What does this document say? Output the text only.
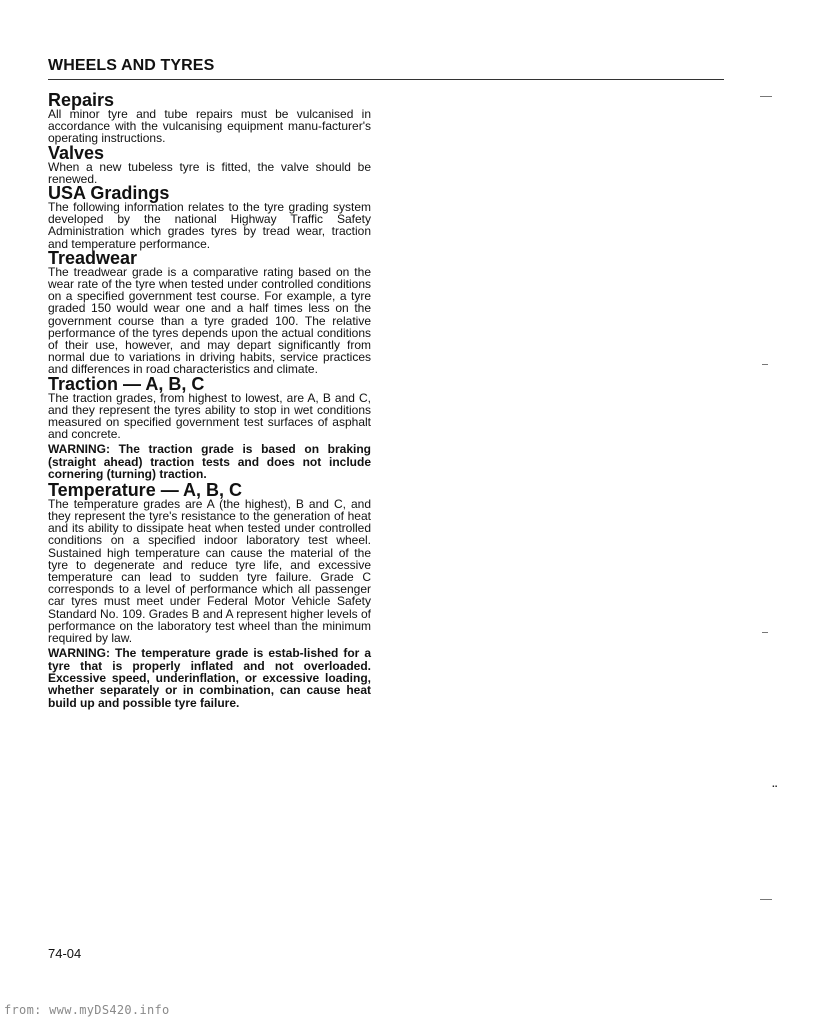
WHEELS AND TYRES
Repairs

All minor tyre and tube repairs must be vulcanised in accordance with the vulcanising equipment manu-facturer's operating instructions.

Valves

When a new tubeless tyre is fitted, the valve should be renewed.

USA Gradings

The following information relates to the tyre grading system developed by the national Highway Traffic Safety Administration which grades tyres by tread wear, traction and temperature performance.

Treadwear

The treadwear grade is a comparative rating based on the wear rate of the tyre when tested under controlled conditions on a specified government test course. For example, a tyre graded 150 would wear one and a half times less on the government course than a tyre graded 100. The relative performance of the tyres depends upon the actual conditions of their use, however, and may depart significantly from normal due to variations in driving habits, service practices and differences in road characteristics and climate.

Traction — A, B, C

The traction grades, from highest to lowest, are A, B and C, and they represent the tyres ability to stop in wet conditions measured on specified government test surfaces of asphalt and concrete.

WARNING: The traction grade is based on braking (straight ahead) traction tests and does not include cornering (turning) traction.

Temperature — A, B, C

The temperature grades are A (the highest), B and C, and they represent the tyre's resistance to the generation of heat and its ability to dissipate heat when tested under controlled conditions on a specified indoor laboratory test wheel. Sustained high temperature can cause the material of the tyre to degenerate and reduce tyre life, and excessive temperature can lead to sudden tyre failure. Grade C corresponds to a level of performance which all passenger car tyres must meet under Federal Motor Vehicle Safety Standard No. 109. Grades B and A represent higher levels of performance on the laboratory test wheel than the minimum required by law.

WARNING: The temperature grade is estab-lished for a tyre that is properly inflated and not overloaded. Excessive speed, underinflation, or excessive loading, whether separately or in combination, can cause heat build up and possible tyre failure.

..

74-04

from: www.myDS420.info
